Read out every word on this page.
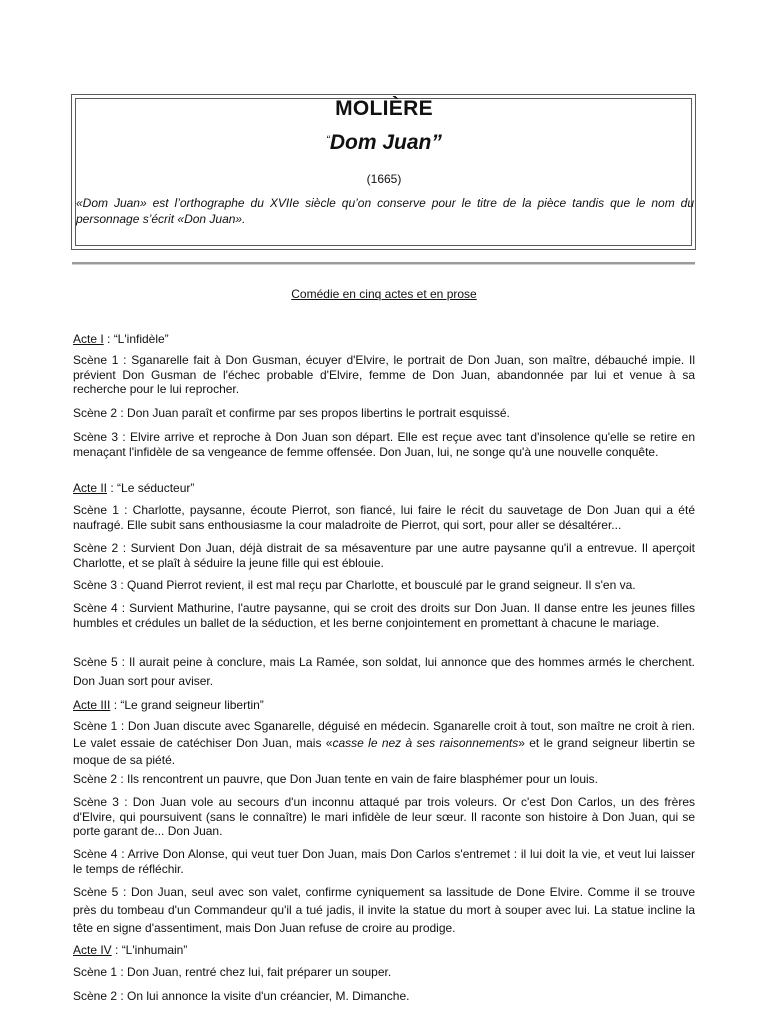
MOLIÈRE
“Dom Juan”
(1665)
«Dom Juan» est l’orthographe du XVIIe siècle qu’on conserve pour le titre de la pièce tandis que le nom du personnage s’écrit «Don Juan».
Comédie en cinq actes et en prose
Acte I : “L'infidèle”

Scène 1 : Sganarelle fait à Don Gusman, écuyer d'Elvire, le portrait de Don Juan, son maître, débauché impie. Il prévient Don Gusman de l'échec probable d'Elvire, femme de Don Juan, abandonnée par lui et venue à sa recherche pour le lui reprocher.

Scène 2 : Don Juan paraît et confirme par ses propos libertins le portrait esquissé.

Scène 3 : Elvire arrive et reproche à Don Juan son départ. Elle est reçue avec tant d'insolence qu'elle se retire en menaçant l'infidèle de sa vengeance de femme offensée. Don Juan, lui, ne songe qu'à une nouvelle conquête.

Acte II : “Le séducteur”

Scène 1 : Charlotte, paysanne, écoute Pierrot, son fiancé, lui faire le récit du sauvetage de Don Juan qui a été naufragé. Elle subit sans enthousiasme la cour maladroite de Pierrot, qui sort, pour aller se désaltérer...

Scène 2 : Survient Don Juan, déjà distrait de sa mésaventure par une autre paysanne qu'il a entrevue. Il aperçoit Charlotte, et se plaît à séduire la jeune fille qui est éblouie.

Scène 3 : Quand Pierrot revient, il est mal reçu par Charlotte, et bousculé par le grand seigneur. Il s'en va.

Scène 4 : Survient Mathurine, l'autre paysanne, qui se croit des droits sur Don Juan. Il danse entre les jeunes filles humbles et crédules un ballet de la séduction, et les berne conjointement en promettant à chacune le mariage.

Scène 5 : Il aurait peine à conclure, mais La Ramée, son soldat, lui annonce que des hommes armés le cherchent. Don Juan sort pour aviser.

Acte III : “Le grand seigneur libertin”

Scène 1 : Don Juan discute avec Sganarelle, déguisé en médecin. Sganarelle croit à tout, son maître ne croit à rien. Le valet essaie de catéchiser Don Juan, mais «casse le nez à ses raisonnements» et le grand seigneur libertin se moque de sa piété.

Scène 2 : Ils rencontrent un pauvre, que Don Juan tente en vain de faire blasphémer pour un louis.

Scène 3 : Don Juan vole au secours d'un inconnu attaqué par trois voleurs. Or c'est Don Carlos, un des frères d'Elvire, qui poursuivent (sans le connaître) le mari infidèle de leur sœur. Il raconte son histoire à Don Juan, qui se porte garant de... Don Juan.

Scène 4 : Arrive Don Alonse, qui veut tuer Don Juan, mais Don Carlos s'entremet : il lui doit la vie, et veut lui laisser le temps de réfléchir.

Scène 5 : Don Juan, seul avec son valet, confirme cyniquement sa lassitude de Done Elvire. Comme il se trouve près du tombeau d'un Commandeur qu'il a tué jadis, il invite la statue du mort à souper avec lui. La statue incline la tête en signe d'assentiment, mais Don Juan refuse de croire au prodige.

Acte IV : “L'inhumain”

Scène 1 : Don Juan, rentré chez lui, fait préparer un souper.

Scène 2 : On lui annonce la visite d'un créancier, M. Dimanche.
